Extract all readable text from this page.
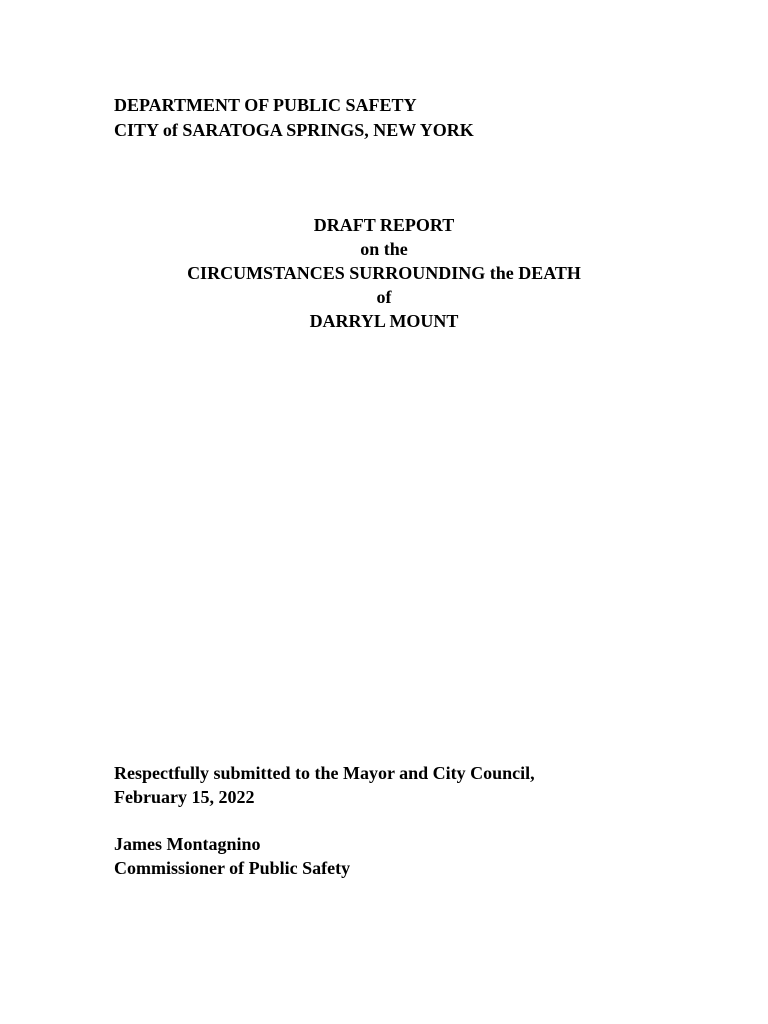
DEPARTMENT OF PUBLIC SAFETY
CITY of SARATOGA SPRINGS, NEW YORK
DRAFT REPORT
on the
CIRCUMSTANCES SURROUNDING the DEATH
of
DARRYL MOUNT
Respectfully submitted to the Mayor and City Council,
February 15, 2022
James Montagnino
Commissioner of Public Safety
